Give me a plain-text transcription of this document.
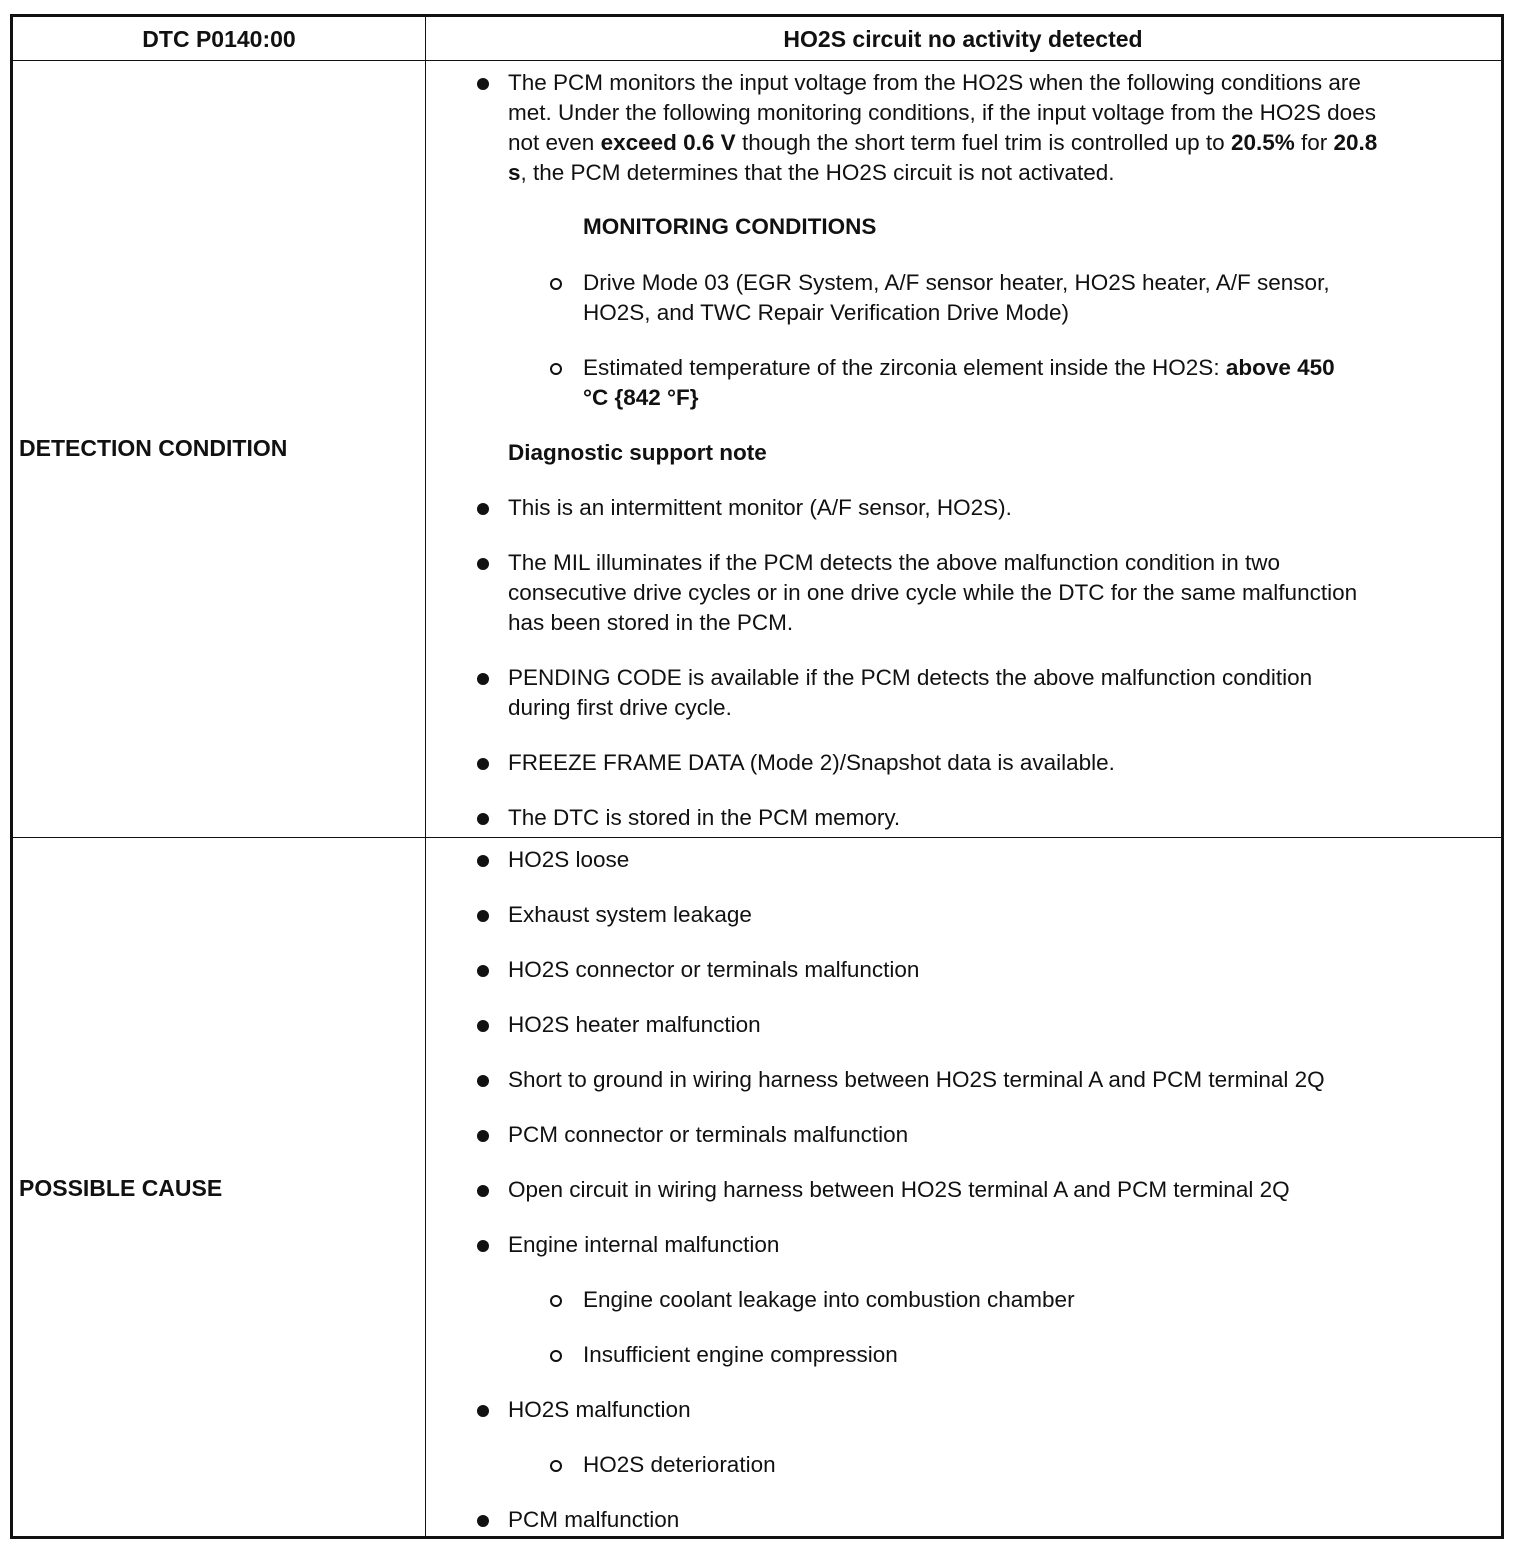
DTC P0140:00	HO2S circuit no activity detected
DETECTION CONDITION
POSSIBLE CAUSE
The PCM monitors the input voltage from the HO2S when the following conditions are
met. Under the following monitoring conditions, if the input voltage from the HO2S does
not even exceed 0.6 V though the short term fuel trim is controlled up to 20.5% for 20.8
s, the PCM determines that the HO2S circuit is not activated.
MONITORING CONDITIONS
Drive Mode 03 (EGR System, A/F sensor heater, HO2S heater, A/F sensor,
HO2S, and TWC Repair Verification Drive Mode)
Estimated temperature of the zirconia element inside the HO2S: above 450
°C {842 °F}
Diagnostic support note
This is an intermittent monitor (A/F sensor, HO2S).
The MIL illuminates if the PCM detects the above malfunction condition in two
consecutive drive cycles or in one drive cycle while the DTC for the same malfunction
has been stored in the PCM.
PENDING CODE is available if the PCM detects the above malfunction condition
during first drive cycle.
FREEZE FRAME DATA (Mode 2)/Snapshot data is available.
The DTC is stored in the PCM memory.
HO2S loose
Exhaust system leakage
HO2S connector or terminals malfunction
HO2S heater malfunction
Short to ground in wiring harness between HO2S terminal A and PCM terminal 2Q
PCM connector or terminals malfunction
Open circuit in wiring harness between HO2S terminal A and PCM terminal 2Q
Engine internal malfunction
Engine coolant leakage into combustion chamber
Insufficient engine compression
HO2S malfunction
HO2S deterioration
PCM malfunction
